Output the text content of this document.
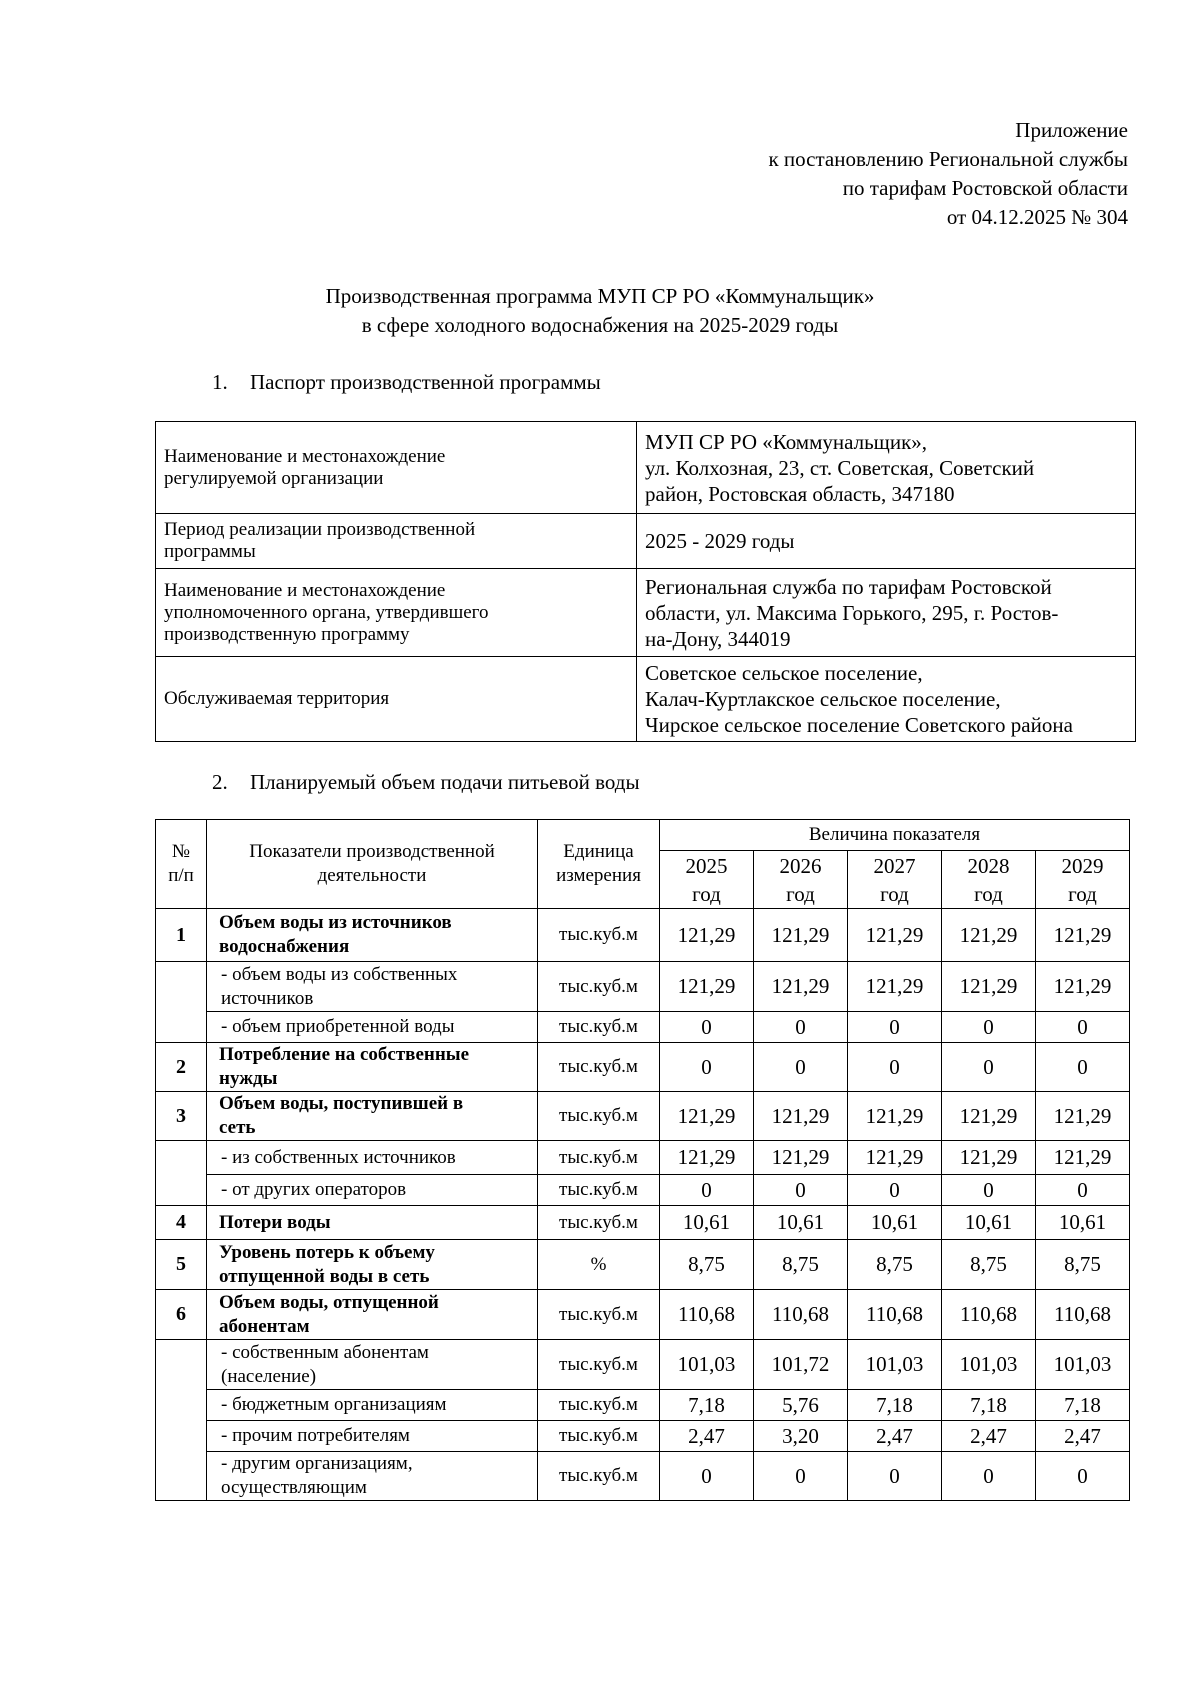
Приложение
к постановлению Региональной службы
по тарифам Ростовской области
от 04.12.2025 № 304
Производственная программа МУП СР РО «Коммунальщик»
в сфере холодного водоснабжения на 2025-2029 годы
1. Паспорт производственной программы
Наименование и местонахождение
регулируемой организации	МУП СР РО «Коммунальщик»,
ул. Колхозная, 23, ст. Советская, Советский
район, Ростовская область, 347180

Период реализации производственной
программы	2025 - 2029 годы

Наименование и местонахождение
уполномоченного органа, утвердившего
производственную программу	Региональная служба по тарифам Ростовской
области, ул. Максима Горького, 295, г. Ростов-
на-Дону, 344019

Обслуживаемая территория	Советское сельское поселение,
Калач-Куртлакское сельское поселение,
Чирское сельское поселение Советского района
2. Планируемый объем подачи питьевой воды
№
п/п	Показатели производственной
деятельности	Единица
измерения	Величина показателя				

			2025
год	2026
год	2027
год	2028
год	2029
год

1	Объем воды из источников
водоснабжения	тыс.куб.м	121,29	121,29	121,29	121,29	121,29

	- объем воды из собственных
источников	тыс.куб.м	121,29	121,29	121,29	121,29	121,29

	- объем приобретенной воды	тыс.куб.м	0	0	0	0	0
2	Потребление на собственные
нужды	тыс.куб.м	0	0	0	0	0
3	Объем воды, поступившей в
сеть	тыс.куб.м	121,29	121,29	121,29	121,29	121,29

	- из собственных источников	тыс.куб.м	121,29	121,29	121,29	121,29	121,29

	- от других операторов	тыс.куб.м	0	0	0	0	0
4	Потери воды	тыс.куб.м	10,61	10,61	10,61	10,61	10,61
5	Уровень потерь к объему
отпущенной воды в сеть	%	8,75	8,75	8,75	8,75	8,75
6	Объем воды, отпущенной
абонентам	тыс.куб.м	110,68	110,68	110,68	110,68	110,68

	- собственным абонентам
(население)	тыс.куб.м	101,03	101,72	101,03	101,03	101,03

	- бюджетным организациям	тыс.куб.м	7,18	5,76	7,18	7,18	7,18

	- прочим потребителям	тыс.куб.м	2,47	3,20	2,47	2,47	2,47

	- другим организациям,
осуществляющим	тыс.куб.м	0	0	0	0	0
